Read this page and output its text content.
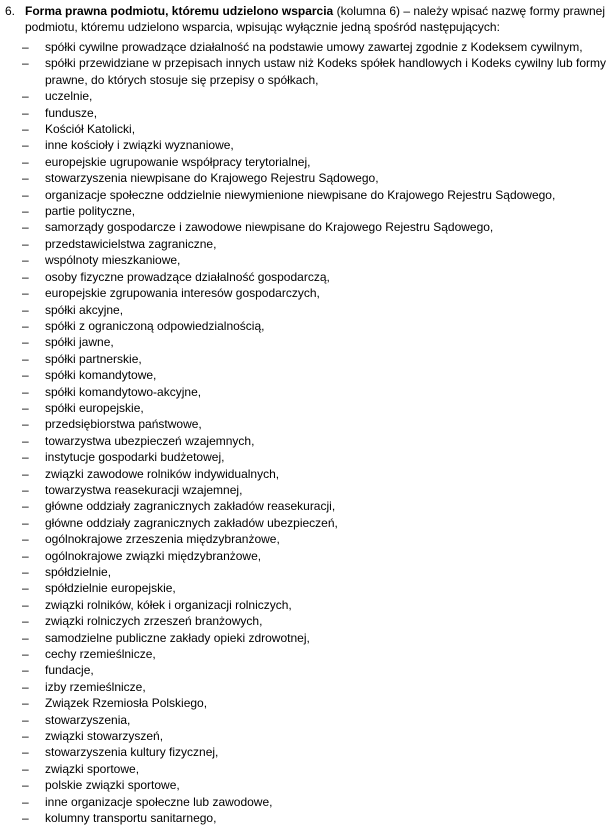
6. Forma prawna podmiotu, któremu udzielono wsparcia (kolumna 6) – należy wpisać nazwę formy prawnej podmiotu, któremu udzielono wsparcia, wpisując wyłącznie jedną spośród następujących:
– spółki cywilne prowadzące działalność na podstawie umowy zawartej zgodnie z Kodeksem cywilnym,
– spółki przewidziane w przepisach innych ustaw niż Kodeks spółek handlowych i Kodeks cywilny lub formy prawne, do których stosuje się przepisy o spółkach,
– uczelnie,
– fundusze,
– Kościół Katolicki,
– inne kościoły i związki wyznaniowe,
– europejskie ugrupowanie współpracy terytorialnej,
– stowarzyszenia niewpisane do Krajowego Rejestru Sądowego,
– organizacje społeczne oddzielnie niewymienione niewpisane do Krajowego Rejestru Sądowego,
– partie polityczne,
– samorządy gospodarcze i zawodowe niewpisane do Krajowego Rejestru Sądowego,
– przedstawicielstwa zagraniczne,
– wspólnoty mieszkaniowe,
– osoby fizyczne prowadzące działalność gospodarczą,
– europejskie zgrupowania interesów gospodarczych,
– spółki akcyjne,
– spółki z ograniczoną odpowiedzialnością,
– spółki jawne,
– spółki partnerskie,
– spółki komandytowe,
– spółki komandytowo-akcyjne,
– spółki europejskie,
– przedsiębiorstwa państwowe,
– towarzystwa ubezpieczeń wzajemnych,
– instytucje gospodarki budżetowej,
– związki zawodowe rolników indywidualnych,
– towarzystwa reasekuracji wzajemnej,
– główne oddziały zagranicznych zakładów reasekuracji,
– główne oddziały zagranicznych zakładów ubezpieczeń,
– ogólnokrajowe zrzeszenia międzybranżowe,
– ogólnokrajowe związki międzybranżowe,
– spółdzielnie,
– spółdzielnie europejskie,
– związki rolników, kółek i organizacji rolniczych,
– związki rolniczych zrzeszeń branżowych,
– samodzielne publiczne zakłady opieki zdrowotnej,
– cechy rzemieślnicze,
– fundacje,
– izby rzemieślnicze,
– Związek Rzemiosła Polskiego,
– stowarzyszenia,
– związki stowarzyszeń,
– stowarzyszenia kultury fizycznej,
– związki sportowe,
– polskie związki sportowe,
– inne organizacje społeczne lub zawodowe,
– kolumny transportu sanitarnego,
